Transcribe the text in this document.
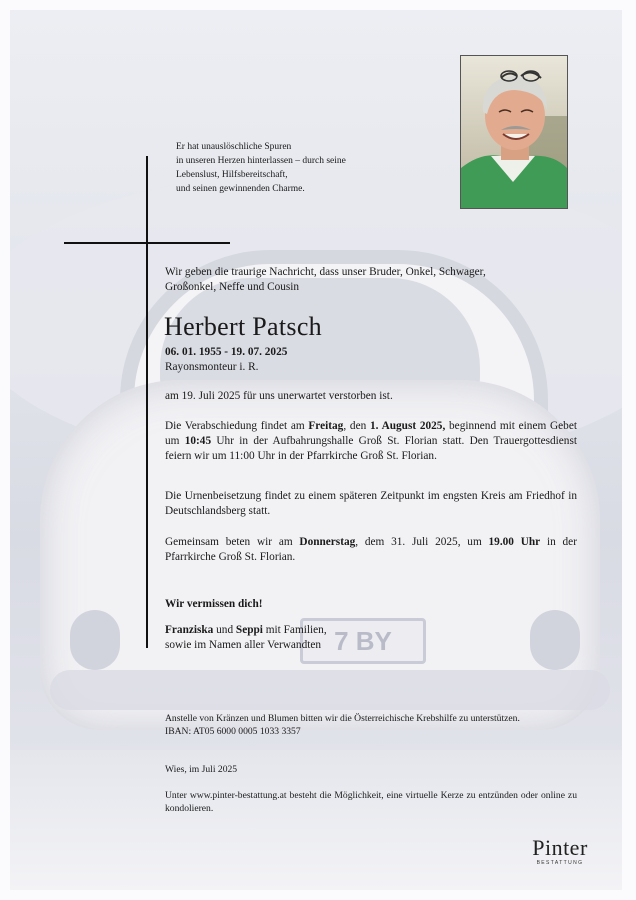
7 BY
Er hat unauslöschliche Spuren
in unseren Herzen hinterlassen – durch seine
Lebenslust, Hilfsbereitschaft,
und seinen gewinnenden Charme.
Wir geben die traurige Nachricht, dass unser Bruder, Onkel, Schwager,
Großonkel, Neffe und Cousin
Herbert Patsch
06. 01. 1955 - 19. 07. 2025
Rayonsmonteur i. R.
am 19. Juli 2025 für uns unerwartet verstorben ist.
Die Verabschiedung findet am Freitag, den 1. August 2025, beginnend mit einem Gebet um 10:45 Uhr in der Aufbahrungshalle Groß St. Florian statt. Den Trauergottesdienst feiern wir um 11:00 Uhr in der Pfarrkirche Groß St. Florian.
Die Urnenbeisetzung findet zu einem späteren Zeitpunkt im engsten Kreis am Friedhof in Deutschlandsberg statt.
Gemeinsam beten wir am Donnerstag, dem 31. Juli 2025, um 19.00 Uhr in der Pfarrkirche Groß St. Florian.
Wir vermissen dich!
Franziska und Seppi mit Familien,
sowie im Namen aller Verwandten
Anstelle von Kränzen und Blumen bitten wir die Österreichische Krebshilfe zu unterstützen.
IBAN: AT05 6000 0005 1033 3357
Wies, im Juli 2025
Unter www.pinter-bestattung.at besteht die Möglichkeit, eine virtuelle Kerze zu entzünden oder online zu kondolieren.
Pinter
BESTATTUNG
